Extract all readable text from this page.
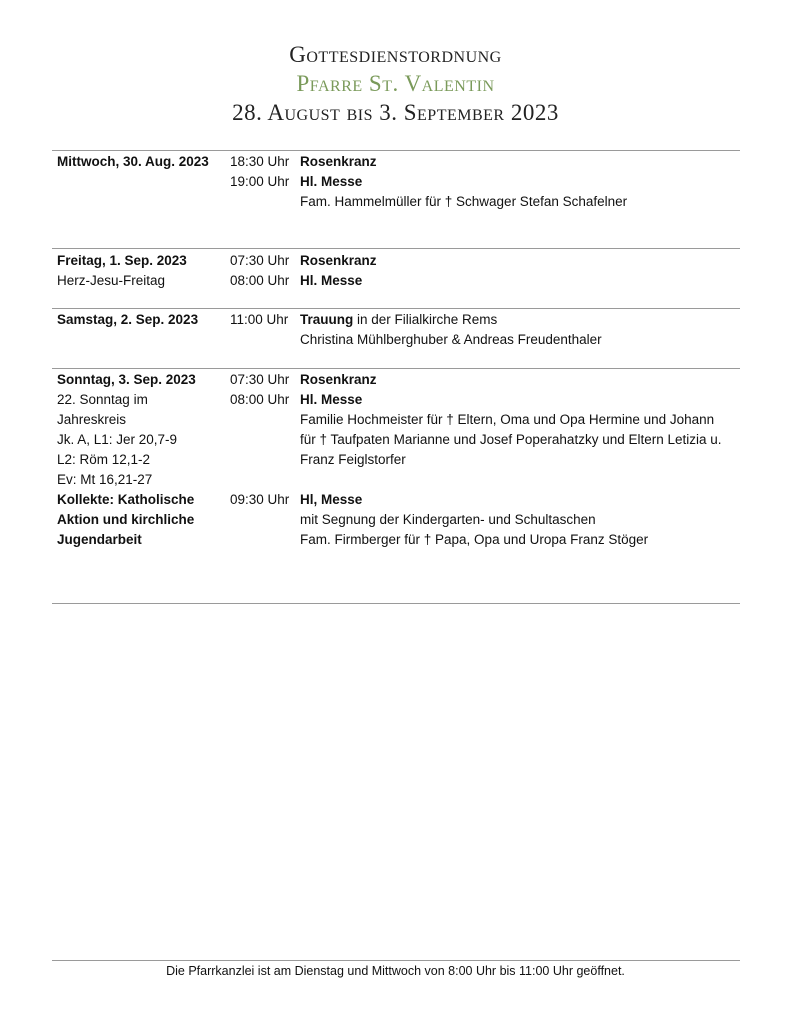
Gottesdienstordnung
Pfarre St. Valentin
28. August bis 3. September 2023
Mittwoch, 30. Aug. 2023	18:30 Uhr Rosenkranz
19:00 Uhr Hl. Messe
Fam. Hammelmüller für † Schwager Stefan Schafelner
Freitag, 1. Sep. 2023
Herz-Jesu-Freitag
07:30 Uhr Rosenkranz
08:00 Uhr Hl. Messe
Samstag, 2. Sep. 2023	11:00 Uhr Trauung in der Filialkirche Rems
Christina Mühlberghuber & Andreas Freudenthaler
Sonntag, 3. Sep. 2023
22. Sonntag im
Jahreskreis
Jk. A, L1: Jer 20,7-9
L2: Röm 12,1-2
Ev: Mt 16,21-27
Kollekte: Katholische
Aktion und kirchliche
Jugendarbeit
07:30 Uhr Rosenkranz
08:00 Uhr Hl. Messe
Familie Hochmeister für † Eltern, Oma und Opa Hermine und Johann
für † Taufpaten Marianne und Josef Poperahatzky und Eltern Letizia u.
Franz Feiglstorfer
09:30 Uhr Hl, Messe
mit Segnung der Kindergarten- und Schultaschen
Fam. Firmberger für † Papa, Opa und Uropa Franz Stöger
Die Pfarrkanzlei ist am Dienstag und Mittwoch von 8:00 Uhr bis 11:00 Uhr geöffnet.
